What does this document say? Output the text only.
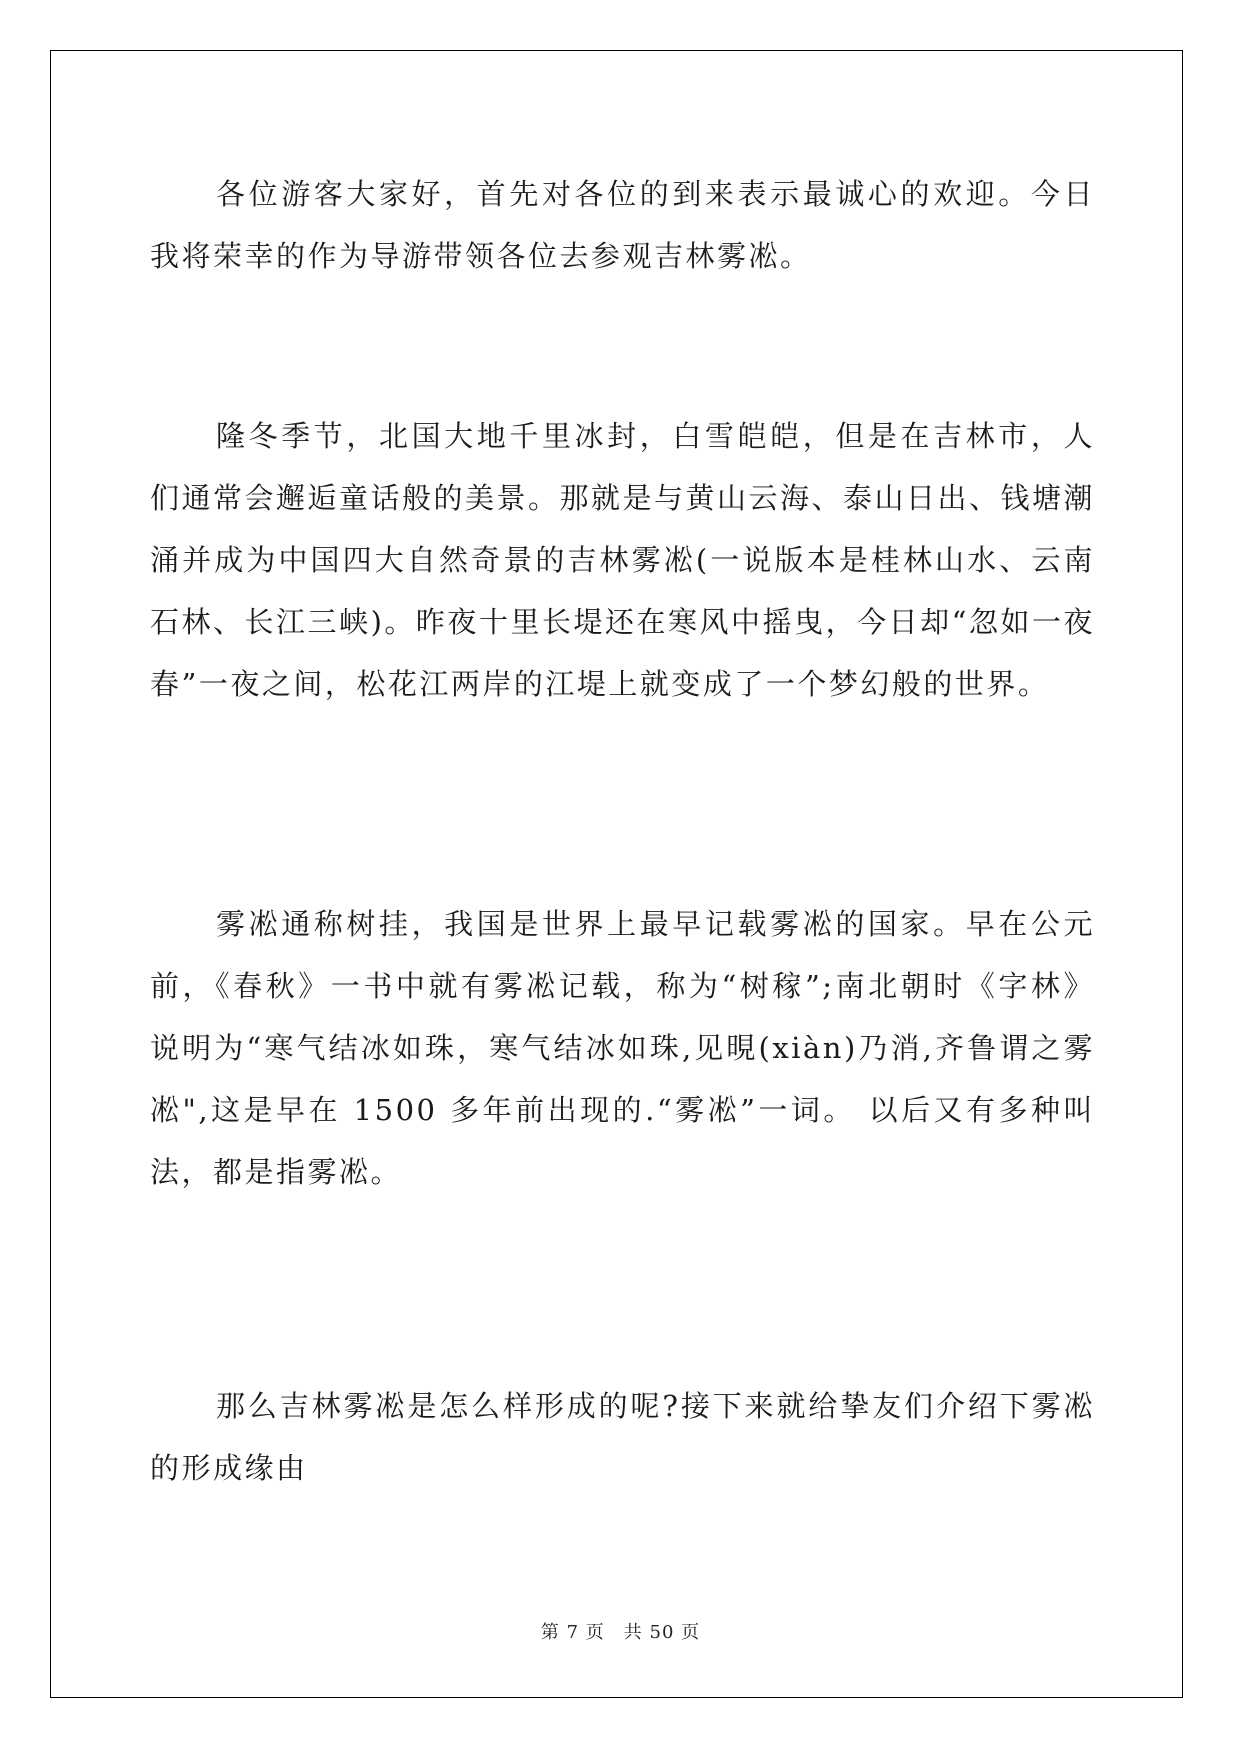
各位游客大家好，首先对各位的到来表示最诚心的欢迎。今日我将荣幸的作为导游带领各位去参观吉林雾凇。

隆冬季节，北国大地千里冰封，白雪皑皑，但是在吉林市，人们通常会邂逅童话般的美景。那就是与黄山云海、泰山日出、钱塘潮涌并成为中国四大自然奇景的吉林雾凇(一说版本是桂林山水、云南石林、长江三峡)。昨夜十里长堤还在寒风中摇曳，今日却“忽如一夜春”一夜之间，松花江两岸的江堤上就变成了一个梦幻般的世界。

雾凇通称树挂，我国是世界上最早记载雾凇的国家。早在公元前，《春秋》一书中就有雾凇记载，称为“树稼”;南北朝时《字林》说明为“寒气结冰如珠，寒气结冰如珠,见晛(xiàn)乃消,齐鲁谓之雾凇",这是早在 1500 多年前出现的.“雾凇”一词。 以后又有多种叫法，都是指雾凇。

那么吉林雾凇是怎么样形成的呢?接下来就给挚友们介绍下雾凇的形成缘由

第 7 页　共 50 页
